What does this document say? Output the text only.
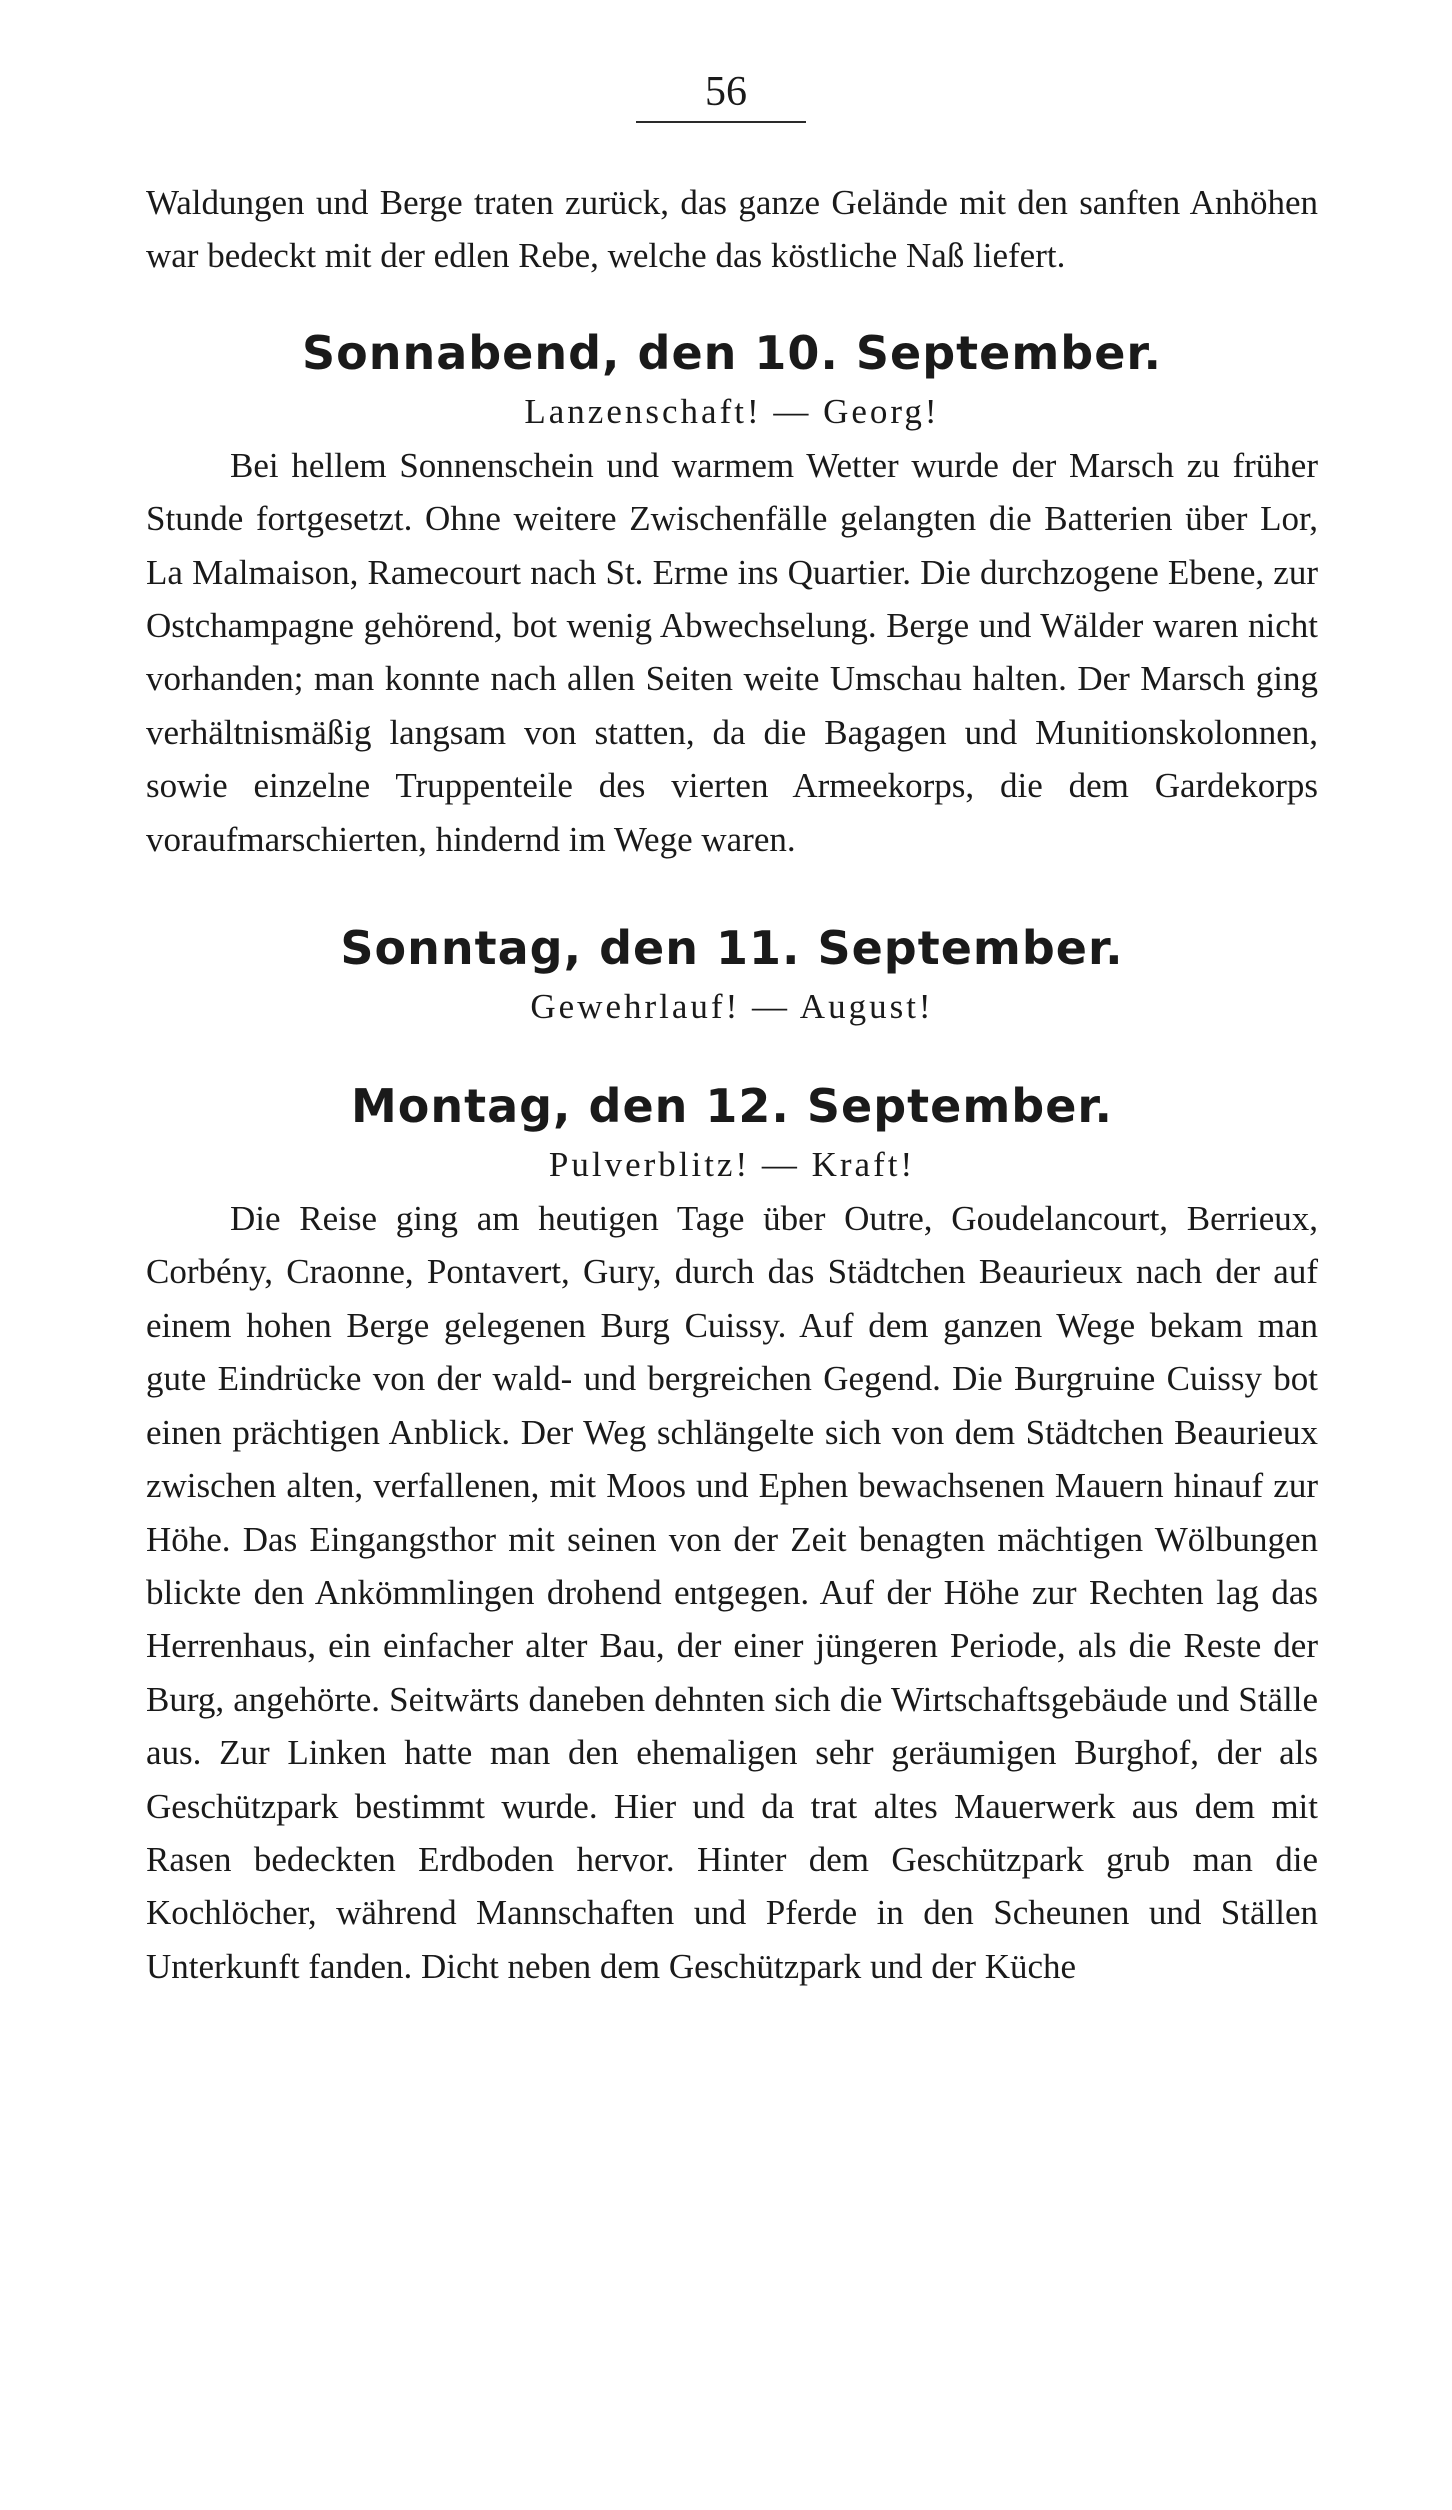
56

Waldungen und Berge traten zurück, das ganze Gelände mit den sanften Anhöhen war bedeckt mit der edlen Rebe, welche das köstliche Naß liefert.

Sonnabend, den 10. September.

Lanzenschaft! — Georg!

Bei hellem Sonnenschein und warmem Wetter wurde der Marsch zu früher Stunde fortgesetzt. Ohne weitere Zwischenfälle gelangten die Batterien über Lor, La Malmaison, Ramecourt nach St. Erme ins Quartier. Die durchzogene Ebene, zur Ostchampagne gehörend, bot wenig Abwechselung. Berge und Wälder waren nicht vorhanden; man konnte nach allen Seiten weite Umschau halten. Der Marsch ging verhältnismäßig langsam von statten, da die Bagagen und Munitionskolonnen, sowie einzelne Truppenteile des vierten Armeekorps, die dem Gardekorps voraufmarschierten, hindernd im Wege waren.

Sonntag, den 11. September.

Gewehrlauf! — August!

Montag, den 12. September.

Pulverblitz! — Kraft!

Die Reise ging am heutigen Tage über Outre, Goudelancourt, Berrieux, Corbény, Craonne, Pontavert, Gury, durch das Städtchen Beaurieux nach der auf einem hohen Berge gelegenen Burg Cuissy. Auf dem ganzen Wege bekam man gute Eindrücke von der wald- und bergreichen Gegend. Die Burgruine Cuissy bot einen prächtigen Anblick. Der Weg schlängelte sich von dem Städtchen Beaurieux zwischen alten, verfallenen, mit Moos und Ephen bewachsenen Mauern hinauf zur Höhe. Das Eingangsthor mit seinen von der Zeit benagten mächtigen Wölbungen blickte den Ankömmlingen drohend entgegen. Auf der Höhe zur Rechten lag das Herrenhaus, ein einfacher alter Bau, der einer jüngeren Periode, als die Reste der Burg, angehörte. Seitwärts daneben dehnten sich die Wirtschaftsgebäude und Ställe aus. Zur Linken hatte man den ehemaligen sehr geräumigen Burghof, der als Geschützpark bestimmt wurde. Hier und da trat altes Mauerwerk aus dem mit Rasen bedeckten Erdboden hervor. Hinter dem Geschützpark grub man die Kochlöcher, während Mannschaften und Pferde in den Scheunen und Ställen Unterkunft fanden. Dicht neben dem Geschützpark und der Küche
